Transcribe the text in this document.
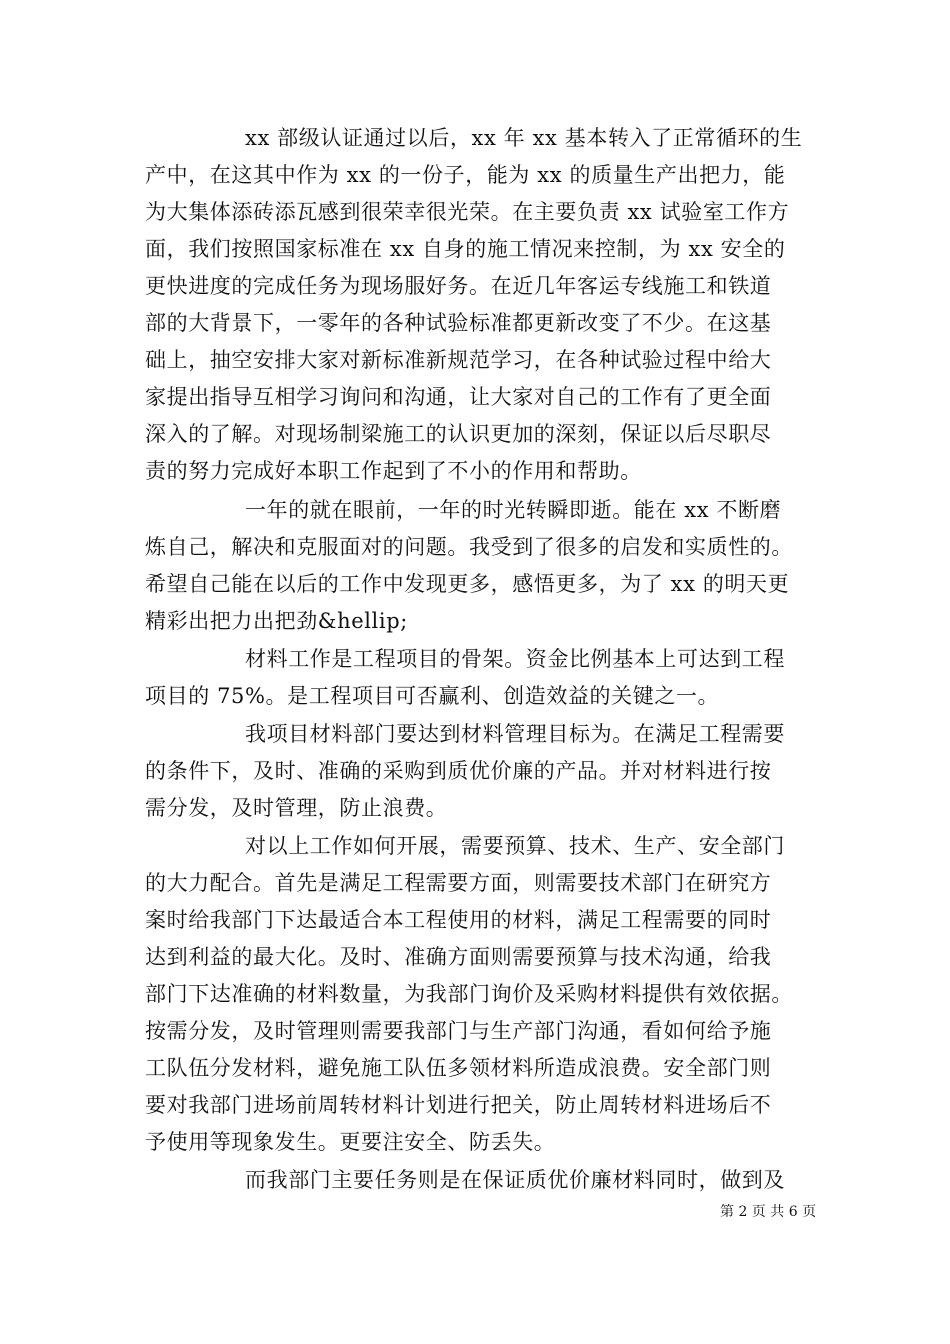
xx 部级认证通过以后，xx 年 xx 基本转入了正常循环的生
产中，在这其中作为 xx 的一份子，能为 xx 的质量生产出把力，能
为大集体添砖添瓦感到很荣幸很光荣。在主要负责 xx 试验室工作方
面，我们按照国家标准在 xx 自身的施工情况来控制，为 xx 安全的
更快进度的完成任务为现场服好务。在近几年客运专线施工和铁道
部的大背景下，一零年的各种试验标准都更新改变了不少。在这基
础上，抽空安排大家对新标准新规范学习，在各种试验过程中给大
家提出指导互相学习询问和沟通，让大家对自己的工作有了更全面
深入的了解。对现场制梁施工的认识更加的深刻，保证以后尽职尽
责的努力完成好本职工作起到了不小的作用和帮助。
一年的就在眼前，一年的时光转瞬即逝。能在 xx 不断磨
炼自己，解决和克服面对的问题。我受到了很多的启发和实质性的。
希望自己能在以后的工作中发现更多，感悟更多，为了 xx 的明天更
精彩出把力出把劲&hellip;
材料工作是工程项目的骨架。资金比例基本上可达到工程
项目的 75%。是工程项目可否赢利、创造效益的关键之一。
我项目材料部门要达到材料管理目标为。在满足工程需要
的条件下，及时、准确的采购到质优价廉的产品。并对材料进行按
需分发，及时管理，防止浪费。
对以上工作如何开展，需要预算、技术、生产、安全部门
的大力配合。首先是满足工程需要方面，则需要技术部门在研究方
案时给我部门下达最适合本工程使用的材料，满足工程需要的同时
达到利益的最大化。及时、准确方面则需要预算与技术沟通，给我
部门下达准确的材料数量，为我部门询价及采购材料提供有效依据。
按需分发，及时管理则需要我部门与生产部门沟通，看如何给予施
工队伍分发材料，避免施工队伍多领材料所造成浪费。安全部门则
要对我部门进场前周转材料计划进行把关，防止周转材料进场后不
予使用等现象发生。更要注安全、防丢失。
而我部门主要任务则是在保证质优价廉材料同时，做到及
第 2 页 共 6 页
